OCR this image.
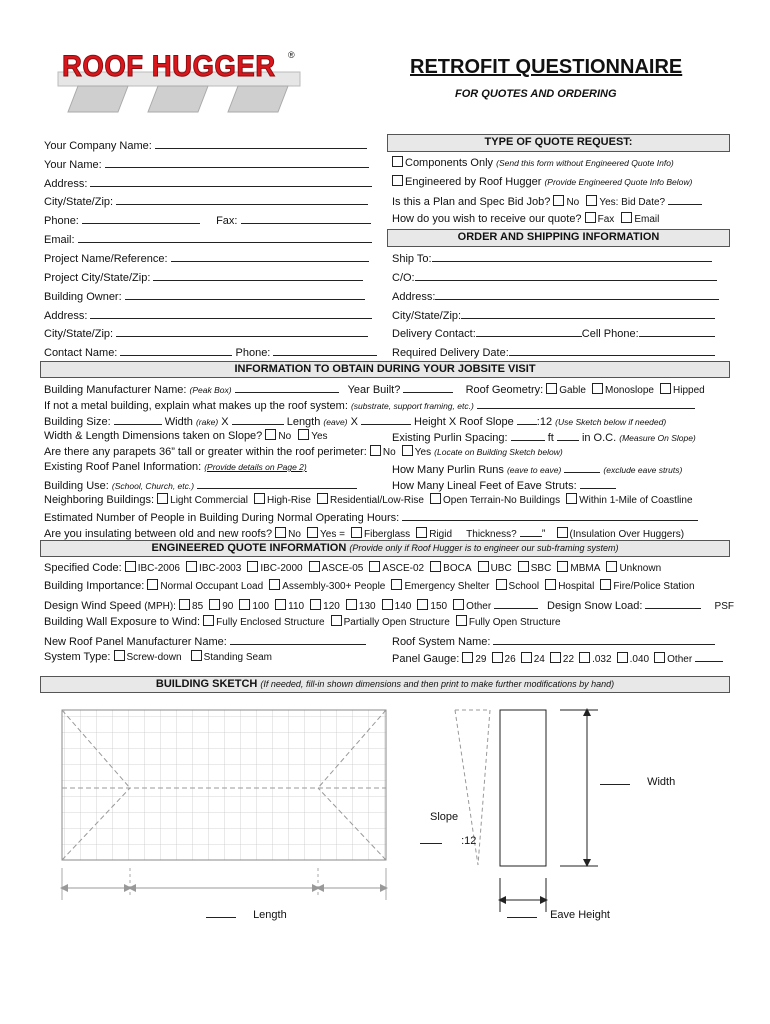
ROOF HUGGER ®
RETROFIT QUESTIONNAIRE
FOR QUOTES AND ORDERING
Your Company Name:
Your Name:
Address:
City/State/Zip:
Phone:	Fax:
Email:
Project Name/Reference:
Project City/State/Zip:
Building Owner:
Address:
City/State/Zip:
Contact Name:	Phone:
TYPE OF QUOTE REQUEST:
Components Only (Send this form without Engineered Quote Info)
Engineered by Roof Hugger (Provide Engineered Quote Info Below)
Is this a Plan and Spec Bid Job? No Yes: Bid Date?
How do you wish to receive our quote? Fax Email
ORDER AND SHIPPING INFORMATION
Ship To:
C/O:
Address:
City/State/Zip:
Delivery Contact:	Cell Phone:
Required Delivery Date:
INFORMATION TO OBTAIN DURING YOUR JOBSITE VISIT
Building Manufacturer Name: (Peak Box)	Year Built?	Roof Geometry: Gable Monoslope Hipped
If not a metal building, explain what makes up the roof system: (substrate, support framing, etc.)
Building Size:	Width (rake) X	Length (eave) X	Height X Roof Slope :12 (Use Sketch below if needed)
Width & Length Dimensions taken on Slope? No Yes	Existing Purlin Spacing:	ft	in O.C. (Measure On Slope)
Are there any parapets 36” tall or greater within the roof perimeter: No Yes (Locate on Building Sketch below)
Existing Roof Panel Information: (Provide details on Page 2)	How Many Purlin Runs (eave to eave)	(exclude eave struts)
Building Use: (School, Church, etc.)	How Many Lineal Feet of Eave Struts:
Neighboring Buildings: Light Commercial High-Rise Residential/Low-Rise Open Terrain-No Buildings Within 1-Mile of Coastline
Estimated Number of People in Building During Normal Operating Hours:
Are you insulating between old and new roofs? No Yes = Fiberglass Rigid Thickness? ” (Insulation Over Huggers)
ENGINEERED QUOTE INFORMATION (Provide only if Roof Hugger is to engineer our sub-framing system)
Specified Code: IBC-2006 IBC-2003 IBC-2000 ASCE-05 ASCE-02 BOCA UBC SBC MBMA Unknown
Building Importance: Normal Occupant Load Assembly-300+ People Emergency Shelter School Hospital Fire/Police Station
Design Wind Speed (MPH): 85 90 100 110 120 130 140 150 Other	Design Snow Load:	PSF
Building Wall Exposure to Wind: Fully Enclosed Structure Partially Open Structure Fully Open Structure
New Roof Panel Manufacturer Name:	Roof System Name:
System Type: Screw-down Standing Seam	Panel Gauge: 29 26 24 22 .032 .040 Other
BUILDING SKETCH (If needed, fill-in shown dimensions and then print to make further modifications by hand)
Width
Slope
:12
Length	Eave Height
